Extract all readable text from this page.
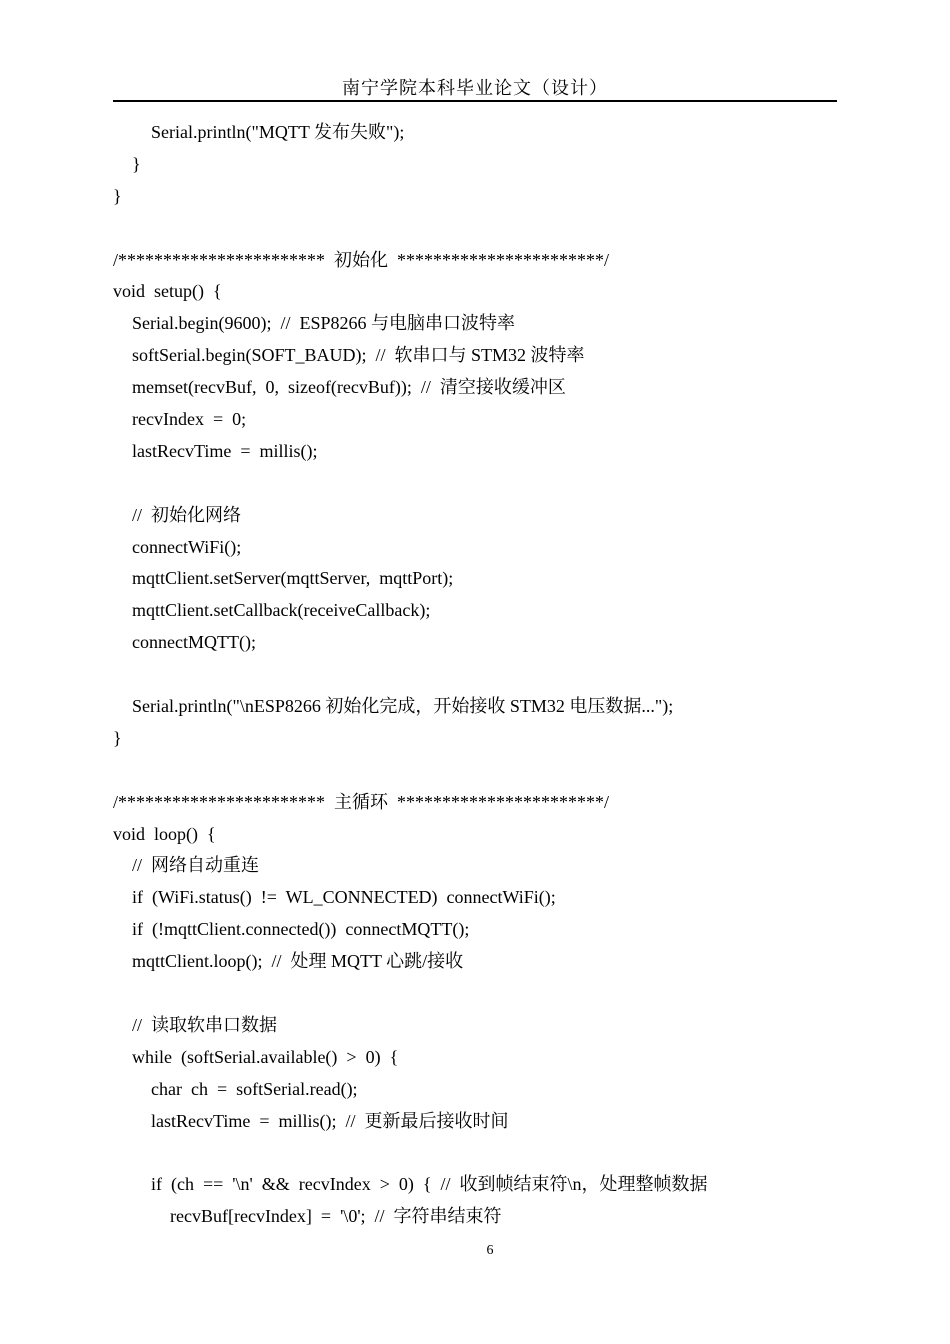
南宁学院本科毕业论文（设计）
Serial.println("MQTT 发布失败");
}
}
/***********************  初始化  ***********************/
void  setup()  {
Serial.begin(9600);  //  ESP8266 与电脑串口波特率
softSerial.begin(SOFT_BAUD);  //  软串口与 STM32 波特率
memset(recvBuf,  0,  sizeof(recvBuf));  //  清空接收缓冲区
recvIndex  =  0;
lastRecvTime  =  millis();
//  初始化网络
connectWiFi();
mqttClient.setServer(mqttServer,  mqttPort);
mqttClient.setCallback(receiveCallback);
connectMQTT();
Serial.println("\nESP8266 初始化完成，开始接收 STM32 电压数据...");
}
/***********************  主循环  ***********************/
void  loop()  {
//  网络自动重连
if  (WiFi.status()  !=  WL_CONNECTED)  connectWiFi();
if  (!mqttClient.connected())  connectMQTT();
mqttClient.loop();  //  处理 MQTT 心跳/接收
//  读取软串口数据
while  (softSerial.available()  >  0)  {
char  ch  =  softSerial.read();
lastRecvTime  =  millis();  //  更新最后接收时间
if  (ch  ==  '\n'  &&  recvIndex  >  0)  {  //  收到帧结束符\n，处理整帧数据
recvBuf[recvIndex]  =  '\0';  //  字符串结束符
6
